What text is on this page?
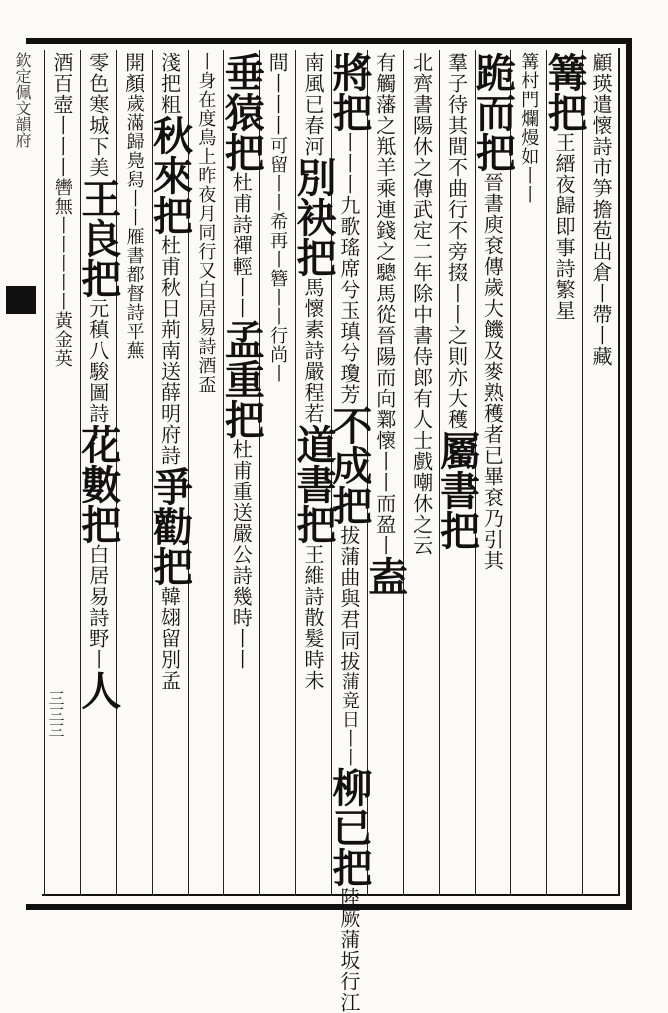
欽定佩文韻府
三三三
顧瑛遣懷詩市笋擔苞出倉丨帶丨藏
篝把王縉夜歸即事詩繁星
篝村門爛熳如丨丨
跪而把晉書庾袞傳歲大饑及麥熟穫者已畢袞乃引其
羣子待其間不曲行不旁掇丨丨之則亦大穫屬書把
北齊書陽休之傳武定二年除中書侍郎有人士戲嘲休之云
有觸藩之羝羊乘連錢之驄馬從晉陽而向鄴懷丨丨而盈丨盍
將把丨丨丨九歌瑤席兮玉瑱兮瓊芳不成把拔蒲曲與君同拔蒲竟日丨丨柳已把陸厥蒲坂行江
南風已春河別袂把馬懷素詩嚴程若道書把王維詩散髮時未
間丨丨丨可留丨丨希再丨簪丨丨行尚丨
垂猿把杜甫詩禪輕丨丨孟重把杜甫重送嚴公詩幾時丨丨
丨身在度鳥上昨夜月同行又白居易詩酒盃
淺把粗秋來把杜甫秋日荊南送薛明府詩爭勸把韓翃留別孟
開顏歲滿歸鳧舄丨丨雁書都督詩平蕪
零色寒城下美王良把元稹八駿圖詩花數把白居易詩野丨人
酒百壺丨丨丨轡無丨丨丨丨丨黃金英
